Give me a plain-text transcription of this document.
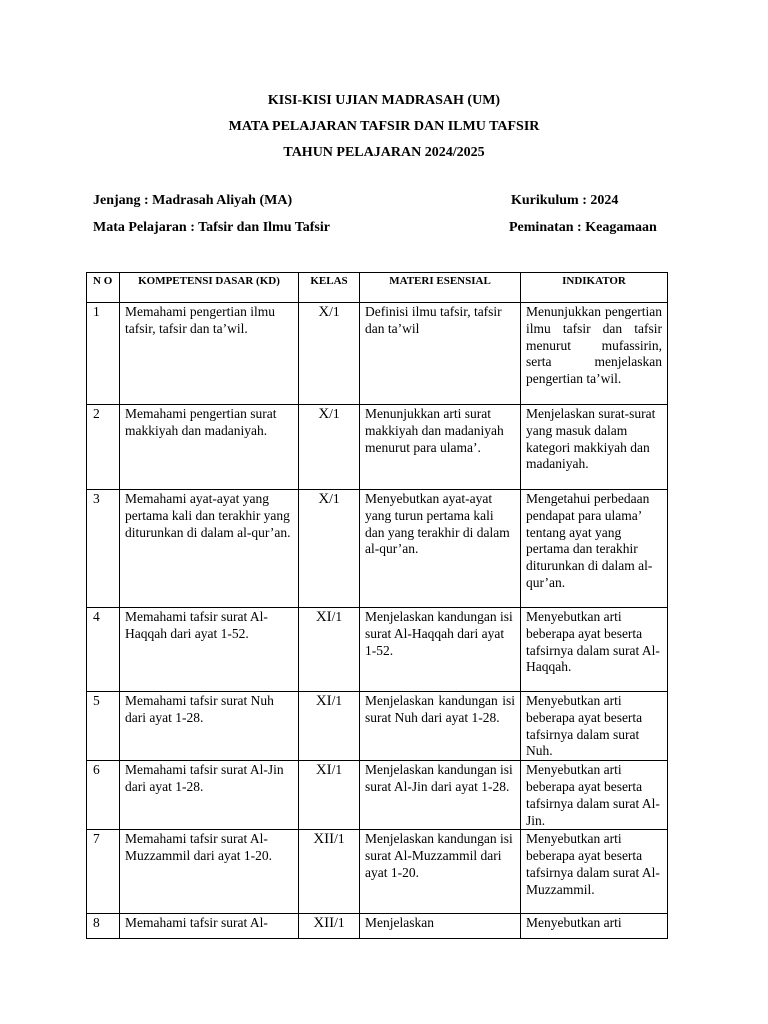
KISI-KISI UJIAN MADRASAH (UM)
MATA PELAJARAN TAFSIR DAN ILMU TAFSIR
TAHUN PELAJARAN 2024/2025
Jenjang : Madrasah Aliyah (MA)	Kurikulum : 2024
Mata Pelajaran : Tafsir dan Ilmu Tafsir	Peminatan : Keagamaan
N O	KOMPETENSI DASAR (KD)	KELAS	MATERI ESENSIAL	INDIKATOR
1	Memahami pengertian ilmu tafsir, tafsir dan ta’wil.	X/1	Definisi ilmu tafsir, tafsir dan ta’wil	Menunjukkan pengertian ilmu tafsir dan tafsir menurut mufassirin, serta menjelaskan pengertian ta’wil.
2	Memahami pengertian surat makkiyah dan madaniyah.	X/1	Menunjukkan arti surat makkiyah dan madaniyah menurut para ulama’.	Menjelaskan surat-surat yang masuk dalam kategori makkiyah dan madaniyah.
3	Memahami ayat-ayat yang pertama kali dan terakhir yang diturunkan di dalam al-qur’an.	X/1	Menyebutkan ayat-ayat yang turun pertama kali dan yang terakhir di dalam al-qur’an.	Mengetahui perbedaan pendapat para ulama’ tentang ayat yang pertama dan terakhir diturunkan di dalam al-qur’an.
4	Memahami tafsir surat Al-Haqqah dari ayat 1-52.	XI/1	Menjelaskan kandungan isi surat Al-Haqqah dari ayat 1-52.	Menyebutkan arti beberapa ayat beserta tafsirnya dalam surat Al-Haqqah.
5	Memahami tafsir surat Nuh dari ayat 1-28.	XI/1	Menjelaskan kandungan isi surat Nuh dari ayat 1-28.	Menyebutkan arti beberapa ayat beserta tafsirnya dalam surat Nuh.
6	Memahami tafsir surat Al-Jin dari ayat 1-28.	XI/1	Menjelaskan kandungan isi surat Al-Jin dari ayat 1-28.	Menyebutkan arti beberapa ayat beserta tafsirnya dalam surat Al-Jin.
7	Memahami tafsir surat Al-Muzzammil dari ayat 1-20.	XII/1	Menjelaskan kandungan isi surat Al-Muzzammil dari ayat 1-20.	Menyebutkan arti beberapa ayat beserta tafsirnya dalam surat Al-Muzzammil.
8	Memahami tafsir surat Al-	XII/1	Menjelaskan	Menyebutkan arti
